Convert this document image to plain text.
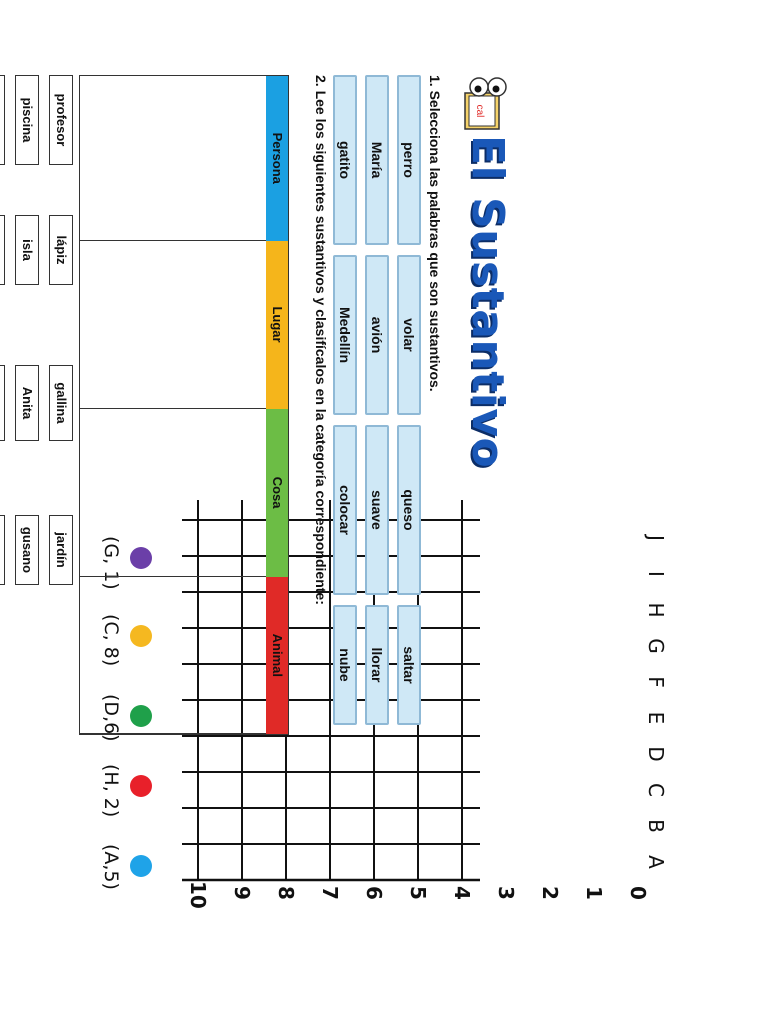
(A,5)
(H, 2)
(D,6)
(C, 8)
(G, 1)
0
1
2
3
4
5
6
7
8
9
10
A
B
C
D
E
F
G
H
I
J
cal
El Sustantivo
1. Selecciona las palabras que son sustantivos.
perro
volar
queso
saltar
María
avión
suave
llorar
gatito
Medellín
colocar
nube
2. Lee los siguientes sustantivos y clasifícalos en la categoría correspondiente:
Persona
Lugar
Cosa
Animal
profesor
lápiz
gallina
jardín
piscina
isla
Anita
gusano
